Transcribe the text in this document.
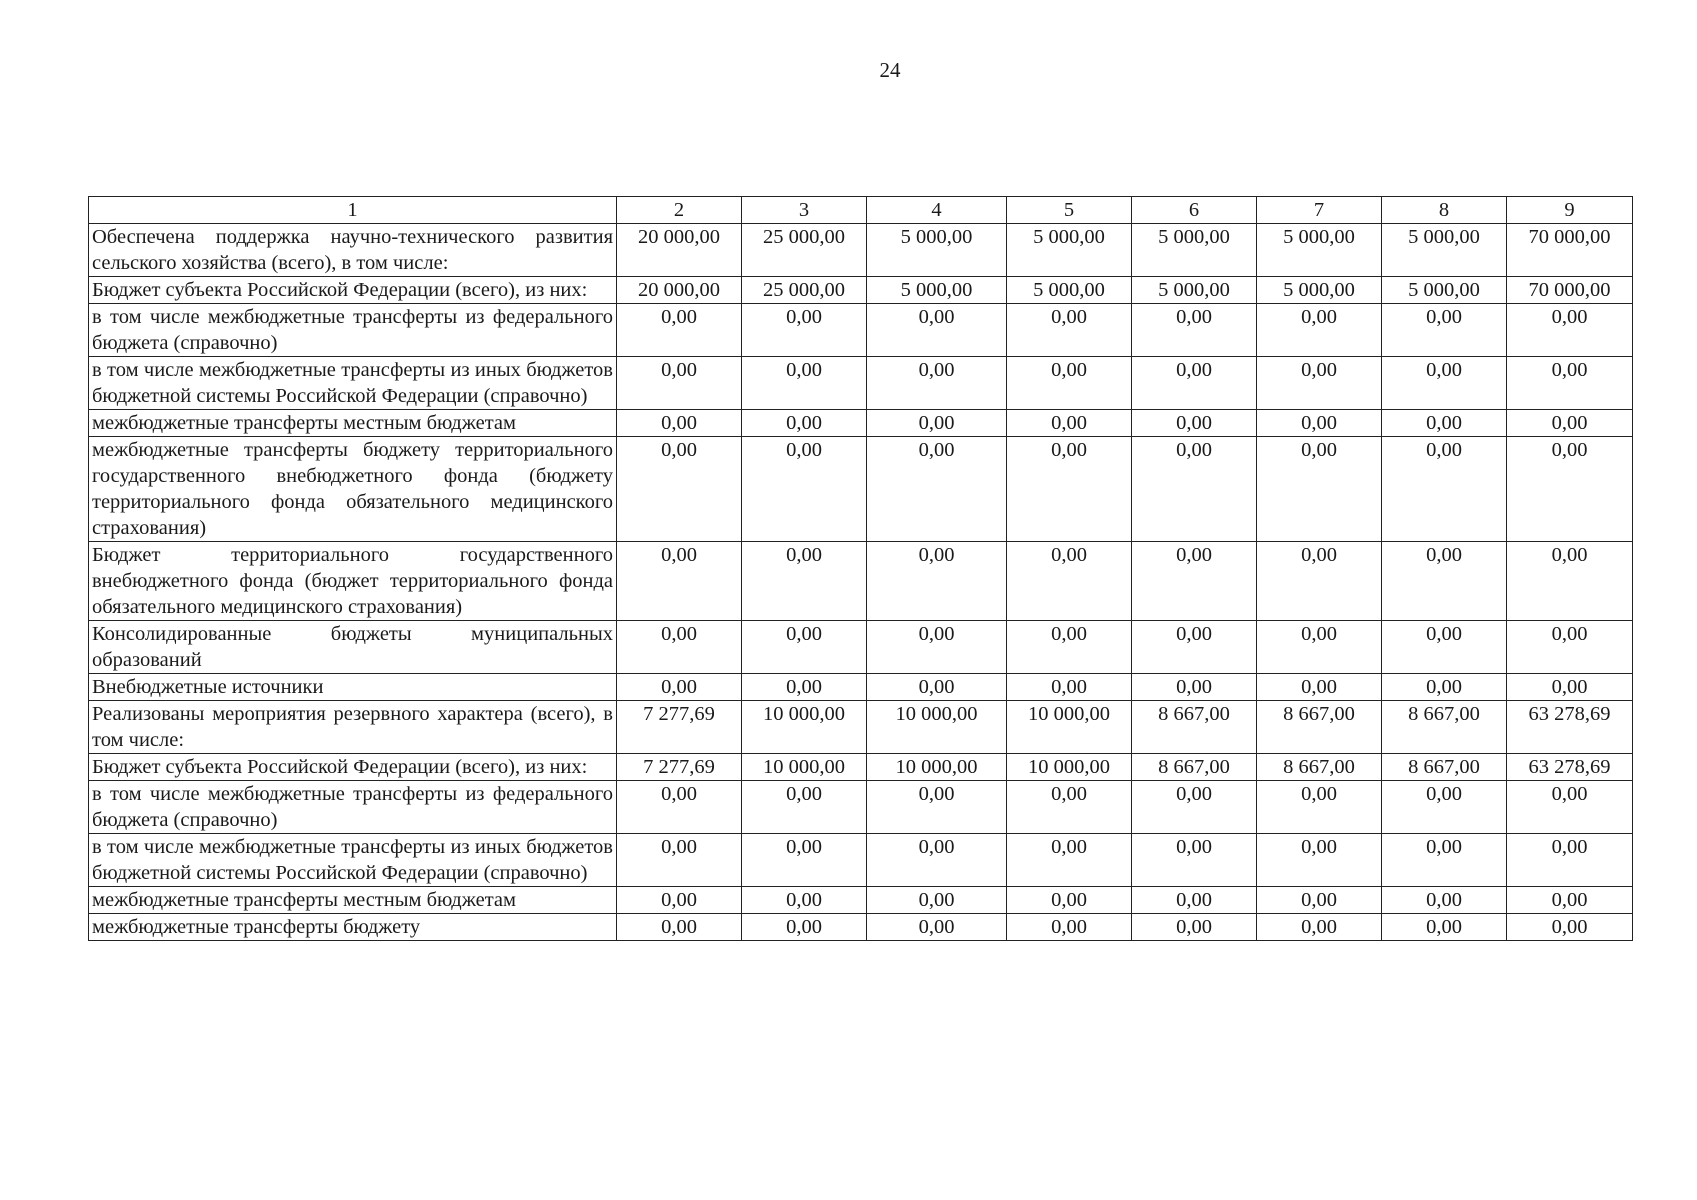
24
1	2	3	4	5	6	7	8	9
Обеспечена поддержка научно-технического развития сельского хозяйства (всего), в том числе:	20 000,00	25 000,00	5 000,00	5 000,00	5 000,00	5 000,00	5 000,00	70 000,00
Бюджет субъекта Российской Федерации (всего), из них:	20 000,00	25 000,00	5 000,00	5 000,00	5 000,00	5 000,00	5 000,00	70 000,00
в том числе межбюджетные трансферты из федерального бюджета (справочно)	0,00	0,00	0,00	0,00	0,00	0,00	0,00	0,00
в том числе межбюджетные трансферты из иных бюджетов бюджетной системы Российской Федерации (справочно)	0,00	0,00	0,00	0,00	0,00	0,00	0,00	0,00
межбюджетные трансферты местным бюджетам	0,00	0,00	0,00	0,00	0,00	0,00	0,00	0,00
межбюджетные трансферты бюджету территориального государственного внебюджетного фонда (бюджету территориального фонда обязательного медицинского страхования)	0,00	0,00	0,00	0,00	0,00	0,00	0,00	0,00
Бюджет территориального государственного внебюджетного фонда (бюджет территориального фонда обязательного медицинского страхования)	0,00	0,00	0,00	0,00	0,00	0,00	0,00	0,00
Консолидированные бюджеты муниципальных образований	0,00	0,00	0,00	0,00	0,00	0,00	0,00	0,00
Внебюджетные источники	0,00	0,00	0,00	0,00	0,00	0,00	0,00	0,00
Реализованы мероприятия резервного характера (всего), в том числе:	7 277,69	10 000,00	10 000,00	10 000,00	8 667,00	8 667,00	8 667,00	63 278,69
Бюджет субъекта Российской Федерации (всего), из них:	7 277,69	10 000,00	10 000,00	10 000,00	8 667,00	8 667,00	8 667,00	63 278,69
в том числе межбюджетные трансферты из федерального бюджета (справочно)	0,00	0,00	0,00	0,00	0,00	0,00	0,00	0,00
в том числе межбюджетные трансферты из иных бюджетов бюджетной системы Российской Федерации (справочно)	0,00	0,00	0,00	0,00	0,00	0,00	0,00	0,00
межбюджетные трансферты местным бюджетам	0,00	0,00	0,00	0,00	0,00	0,00	0,00	0,00
межбюджетные трансферты бюджету	0,00	0,00	0,00	0,00	0,00	0,00	0,00	0,00
